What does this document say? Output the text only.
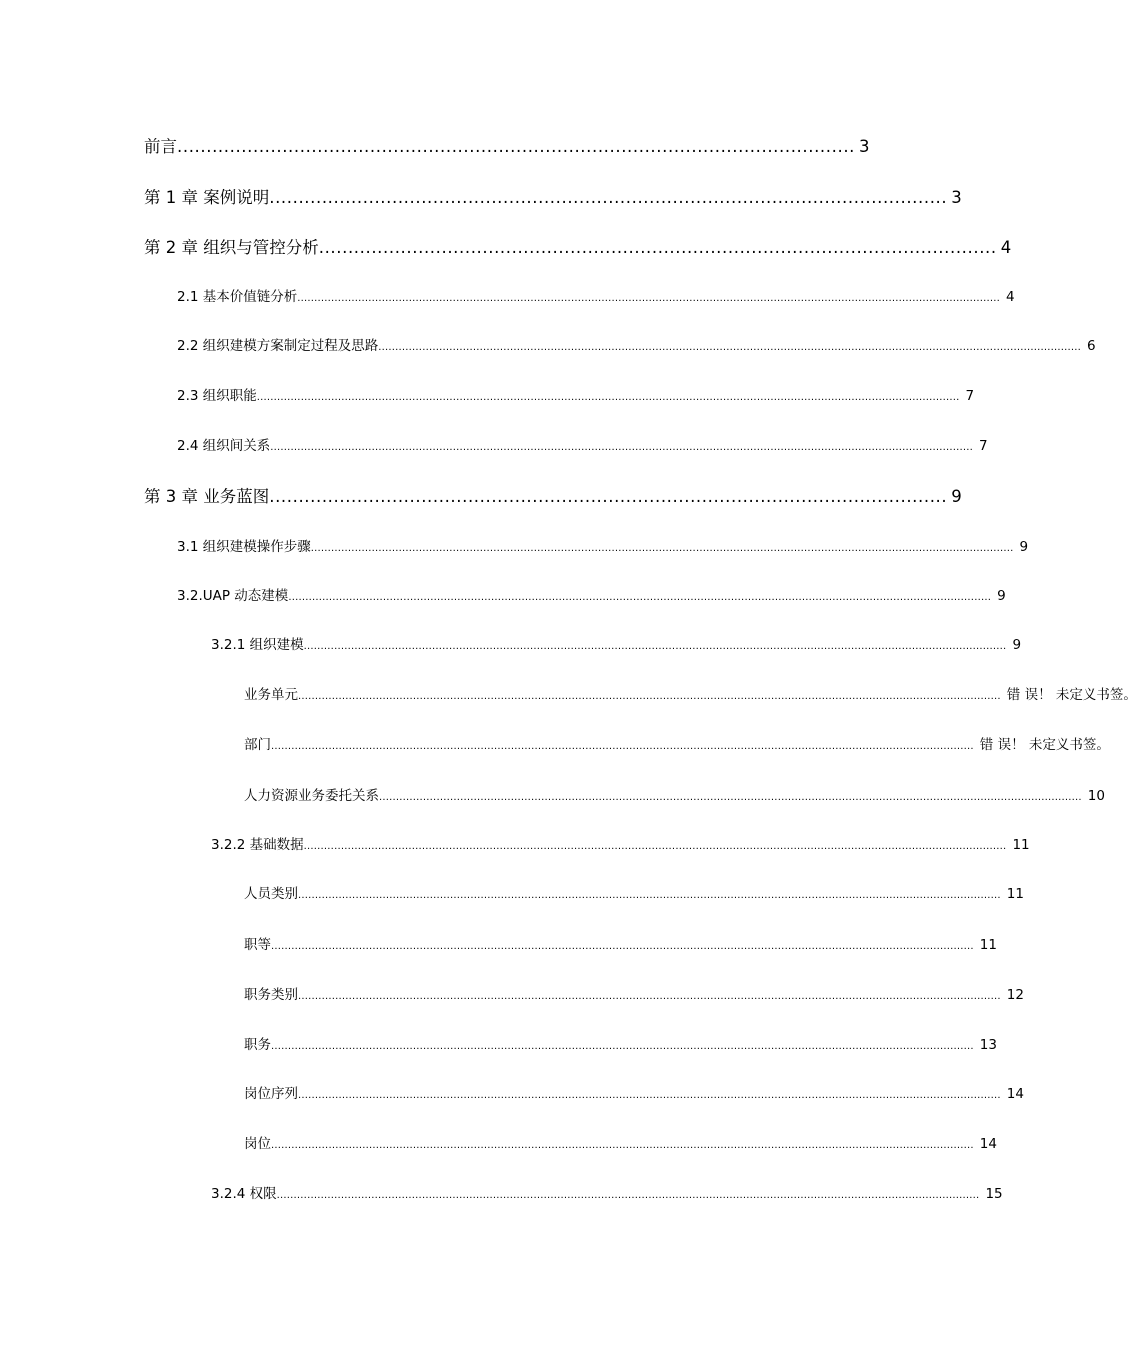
前言 .................................................................................................................... 3
第 1 章 案例说明 .................................................................................................................... 3
第 2 章 组织与管控分析 .................................................................................................................... 4
2.1 基本价值链分析 ................................................................................................................................................................................................................ 4
2.2 组织建模方案制定过程及思路 ................................................................................................................................................................................................................ 6
2.3 组织职能 ................................................................................................................................................................................................................ 7
2.4 组织间关系 ................................................................................................................................................................................................................ 7
第 3 章 业务蓝图 .................................................................................................................... 9
3.1 组织建模操作步骤 ................................................................................................................................................................................................................ 9
3.2.UAP 动态建模 ................................................................................................................................................................................................................ 9
3.2.1 组织建模 ................................................................................................................................................................................................................ 9
业务单元 ................................................................................................................................................................................................................ 错 误！ 未定义书签。
部门 ................................................................................................................................................................................................................ 错 误！ 未定义书签。
人力资源业务委托关系 ................................................................................................................................................................................................................ 10
3.2.2 基础数据 ................................................................................................................................................................................................................ 11
人员类别 ................................................................................................................................................................................................................ 11
职等 ................................................................................................................................................................................................................ 11
职务类别 ................................................................................................................................................................................................................ 12
职务 ................................................................................................................................................................................................................ 13
岗位序列 ................................................................................................................................................................................................................ 14
岗位 ................................................................................................................................................................................................................ 14
3.2.4 权限 ................................................................................................................................................................................................................ 15
